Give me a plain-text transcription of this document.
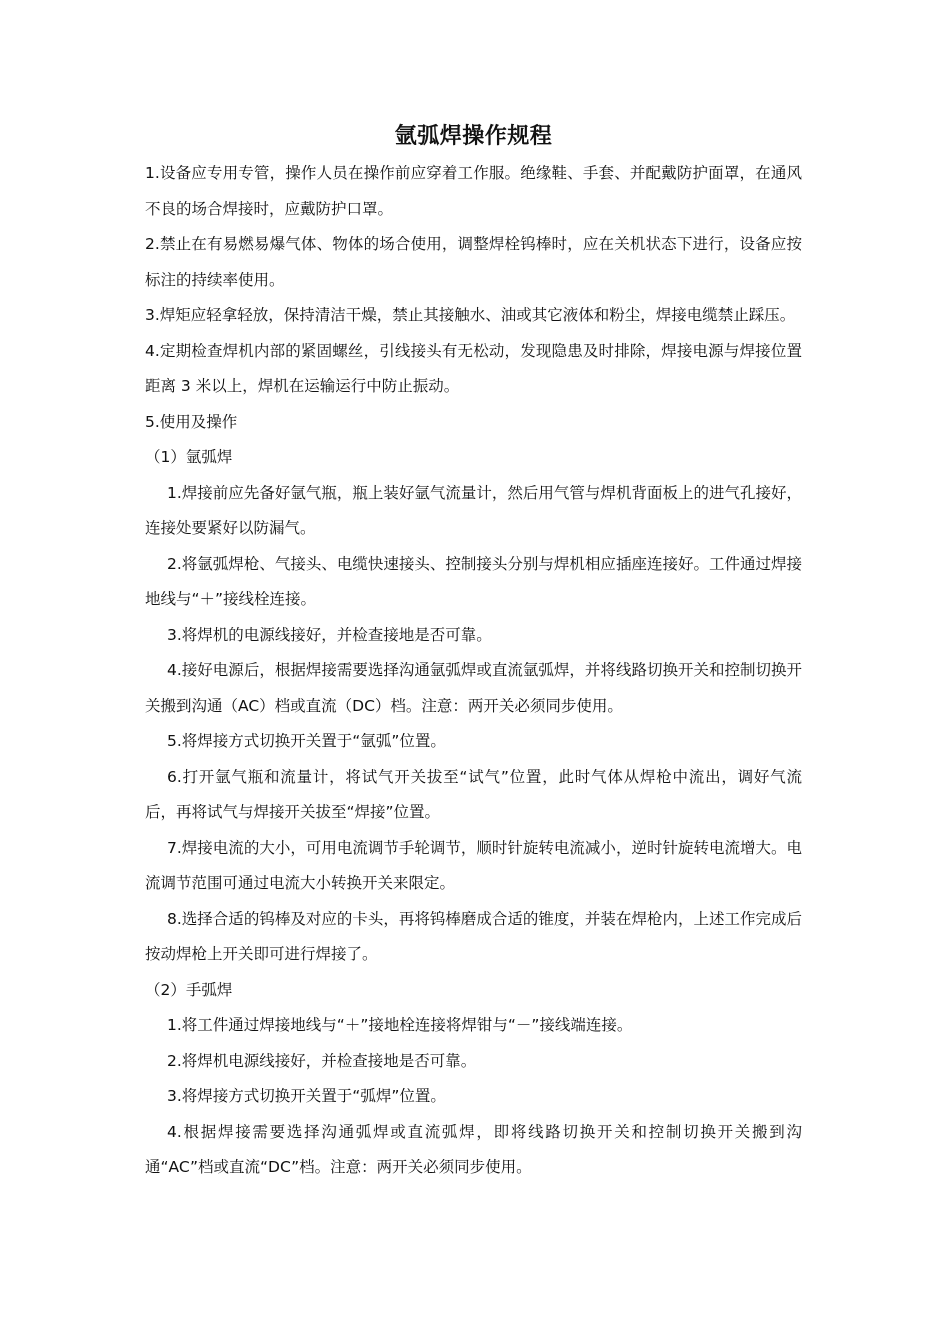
氩弧焊操作规程

1.设备应专用专管，操作人员在操作前应穿着工作服。绝缘鞋、手套、并配戴防护面罩，在通风不良的场合焊接时，应戴防护口罩。

2.禁止在有易燃易爆气体、物体的场合使用，调整焊栓钨棒时，应在关机状态下进行，设备应按标注的持续率使用。

3.焊矩应轻拿轻放，保持清洁干燥，禁止其接触水、油或其它液体和粉尘，焊接电缆禁止踩压。

4.定期检查焊机内部的紧固螺丝，引线接头有无松动，发现隐患及时排除，焊接电源与焊接位置距离 3 米以上，焊机在运输运行中防止振动。

5.使用及操作

（1）氩弧焊

1.焊接前应先备好氩气瓶，瓶上装好氩气流量计，然后用气管与焊机背面板上的进气孔接好，连接处要紧好以防漏气。

2.将氩弧焊枪、气接头、电缆快速接头、控制接头分别与焊机相应插座连接好。工件通过焊接地线与“＋”接线栓连接。

3.将焊机的电源线接好，并检查接地是否可靠。

4.接好电源后，根据焊接需要选择沟通氩弧焊或直流氩弧焊，并将线路切换开关和控制切换开关搬到沟通（AC）档或直流（DC）档。注意：两开关必须同步使用。

5.将焊接方式切换开关置于“氩弧”位置。

6.打开氩气瓶和流量计，将试气开关拔至“试气”位置，此时气体从焊枪中流出，调好气流后，再将试气与焊接开关拔至“焊接”位置。

7.焊接电流的大小，可用电流调节手轮调节，顺时针旋转电流减小，逆时针旋转电流增大。电流调节范围可通过电流大小转换开关来限定。

8.选择合适的钨棒及对应的卡头，再将钨棒磨成合适的锥度，并装在焊枪内，上述工作完成后按动焊枪上开关即可进行焊接了。

（2）手弧焊

1.将工件通过焊接地线与“＋”接地栓连接将焊钳与“－”接线端连接。

2.将焊机电源线接好，并检查接地是否可靠。

3.将焊接方式切换开关置于“弧焊”位置。

4.根据焊接需要选择沟通弧焊或直流弧焊，即将线路切换开关和控制切换开关搬到沟通“AC”档或直流“DC”档。注意：两开关必须同步使用。
